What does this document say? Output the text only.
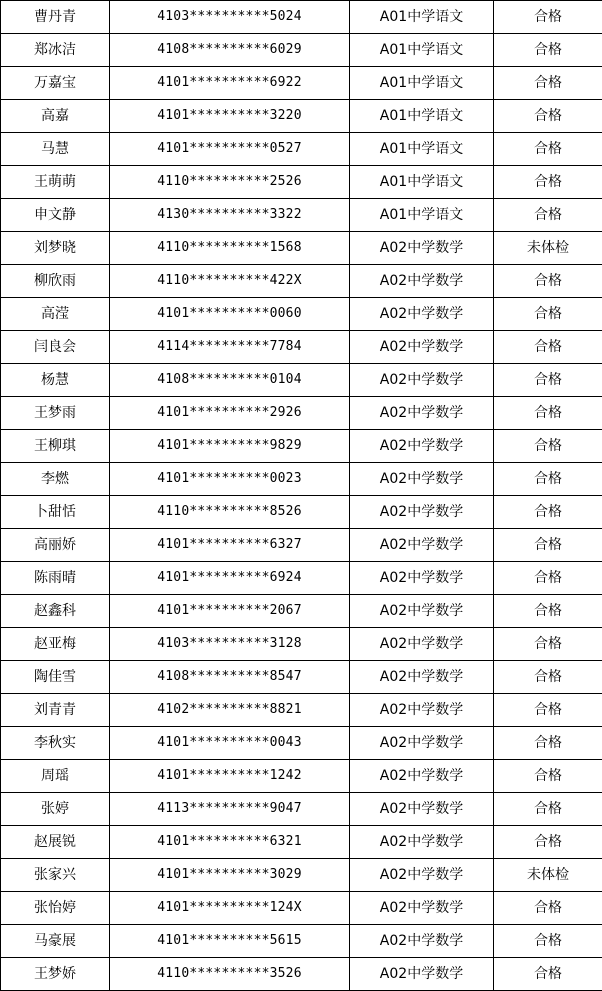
曹丹青	4103**********5024	A01中学语文	合格
郑冰洁	4108**********6029	A01中学语文	合格
万嘉宝	4101**********6922	A01中学语文	合格
高嘉	4101**********3220	A01中学语文	合格
马慧	4101**********0527	A01中学语文	合格
王萌萌	4110**********2526	A01中学语文	合格
申文静	4130**********3322	A01中学语文	合格
刘梦晓	4110**********1568	A02中学数学	未体检
柳欣雨	4110**********422X	A02中学数学	合格
高滢	4101**********0060	A02中学数学	合格
闫良会	4114**********7784	A02中学数学	合格
杨慧	4108**********0104	A02中学数学	合格
王梦雨	4101**********2926	A02中学数学	合格
王柳琪	4101**********9829	A02中学数学	合格
李燃	4101**********0023	A02中学数学	合格
卜甜恬	4110**********8526	A02中学数学	合格
高丽娇	4101**********6327	A02中学数学	合格
陈雨晴	4101**********6924	A02中学数学	合格
赵鑫科	4101**********2067	A02中学数学	合格
赵亚梅	4103**********3128	A02中学数学	合格
陶佳雪	4108**********8547	A02中学数学	合格
刘青青	4102**********8821	A02中学数学	合格
李秋实	4101**********0043	A02中学数学	合格
周瑶	4101**********1242	A02中学数学	合格
张婷	4113**********9047	A02中学数学	合格
赵展锐	4101**********6321	A02中学数学	合格
张家兴	4101**********3029	A02中学数学	未体检
张怡婷	4101**********124X	A02中学数学	合格
马豪展	4101**********5615	A02中学数学	合格
王梦娇	4110**********3526	A02中学数学	合格
